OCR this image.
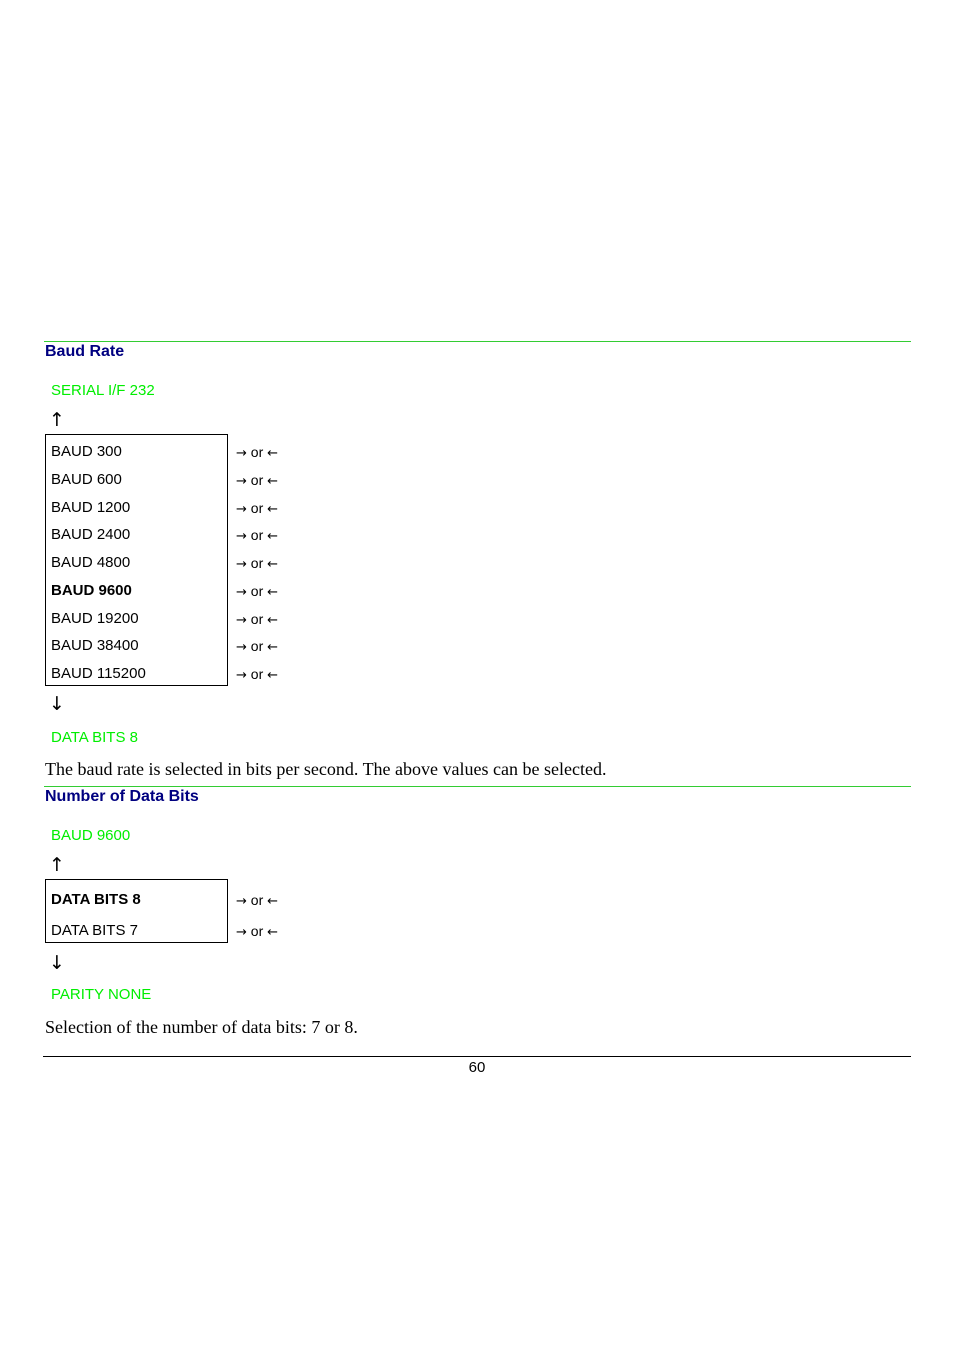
Baud Rate
SERIAL I/F 232
↑
BAUD 300
BAUD 600
BAUD 1200
BAUD 2400
BAUD 4800
BAUD 9600
BAUD 19200
BAUD 38400
BAUD 115200
→ or ←
→ or ←
→ or ←
→ or ←
→ or ←
→ or ←
→ or ←
→ or ←
→ or ←
↓
DATA BITS 8
The baud rate is selected in bits per second. The above values can be selected.
Number of Data Bits
BAUD 9600
↑
DATA BITS 8
DATA BITS 7
→ or ←
→ or ←
↓
PARITY NONE
Selection of the number of data bits: 7 or 8.
60
